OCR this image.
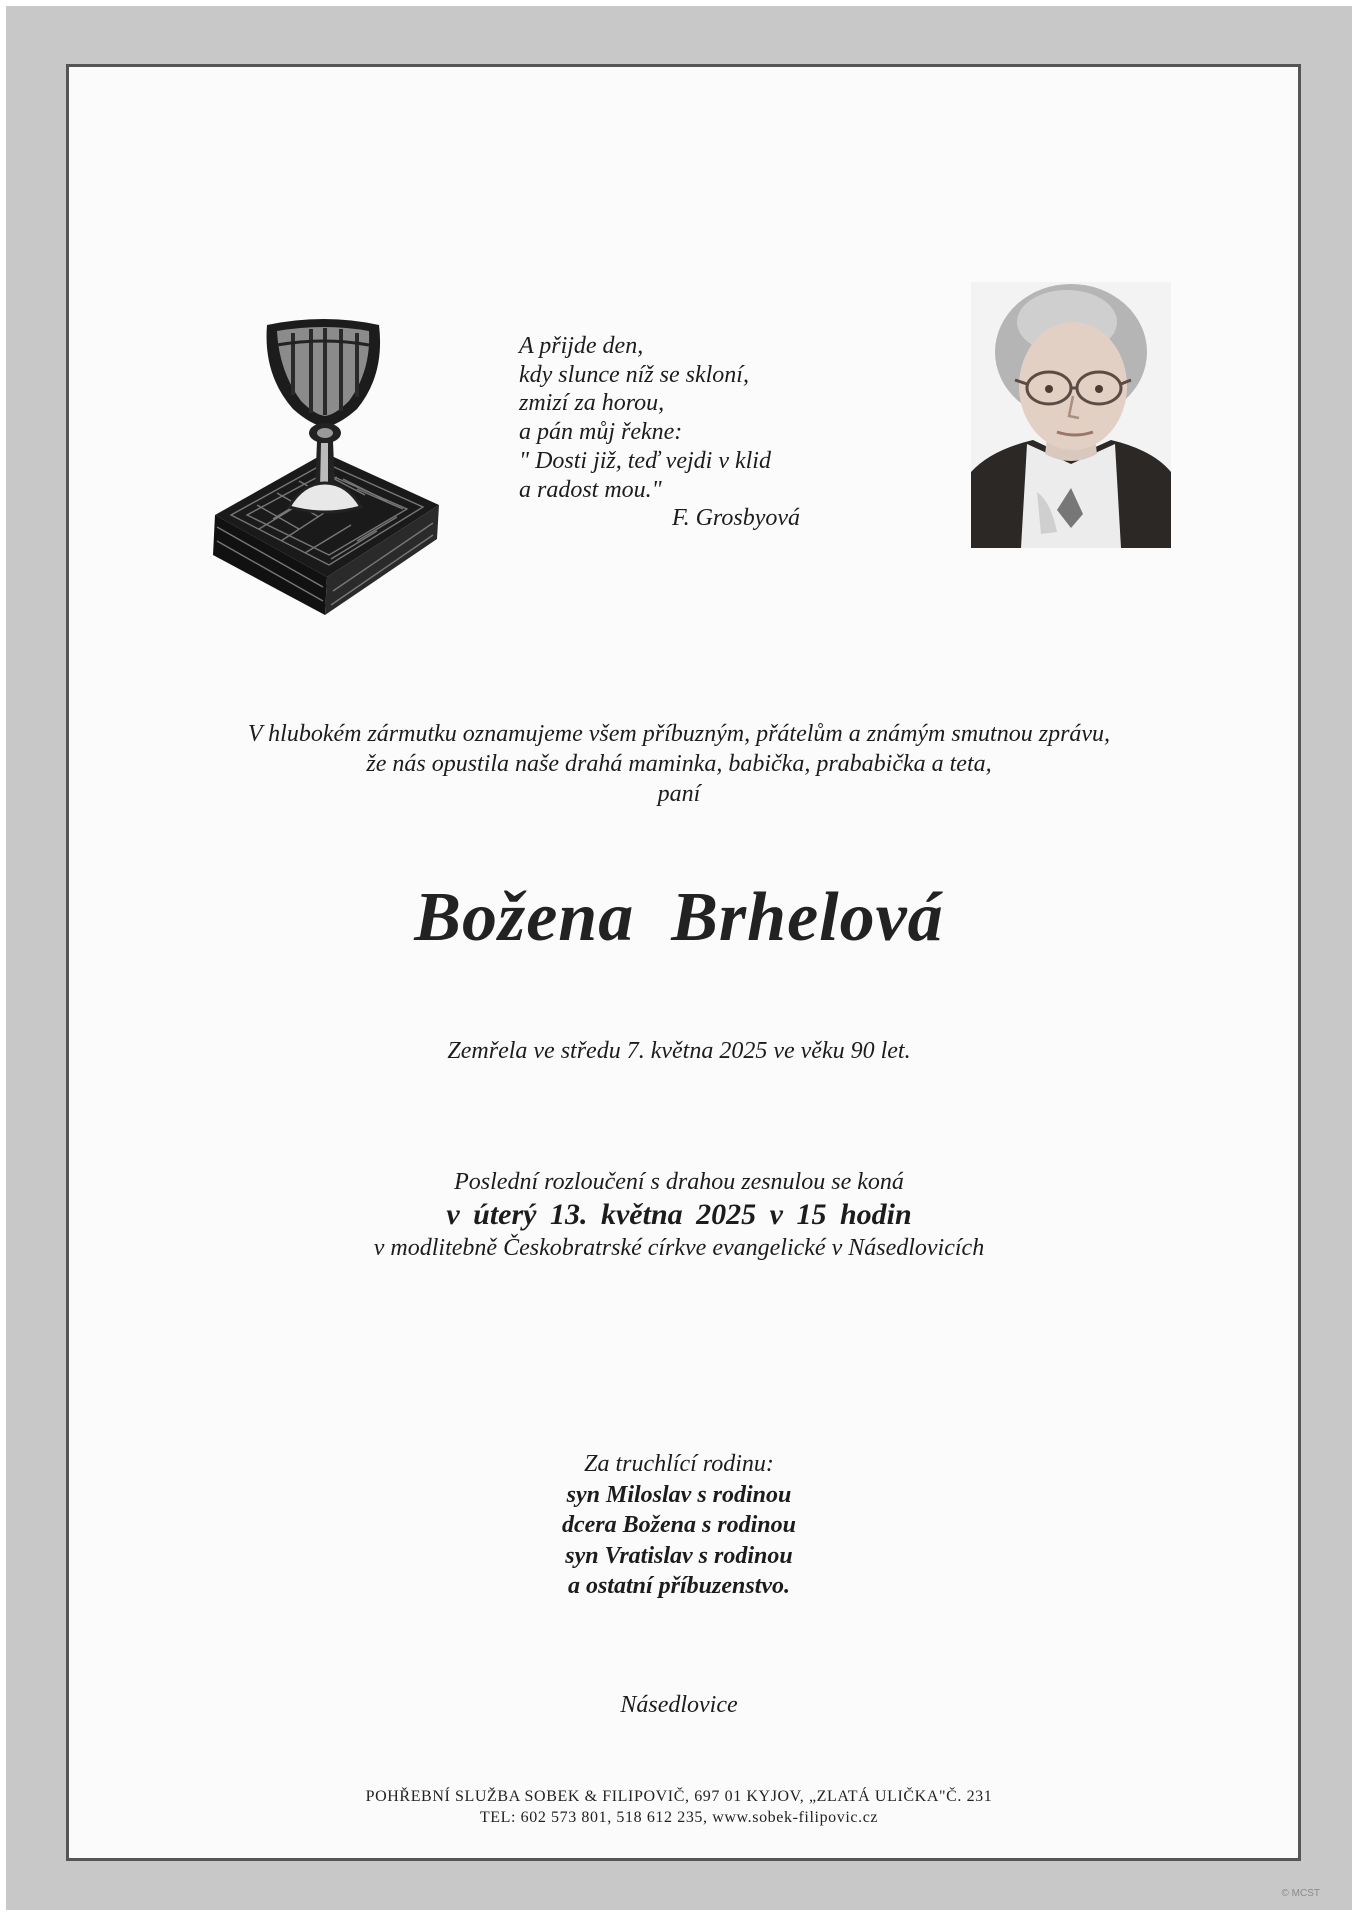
A přijde den,
kdy slunce níž se skloní,
zmizí za horou,
a pán můj řekne:
" Dosti již, teď vejdi v klid
a radost mou."
F. Grosbyová
V hlubokém zármutku oznamujeme všem příbuzným, přátelům a známým smutnou zprávu,
že nás opustila naše drahá maminka, babička, prababička a teta,
paní
Božena  Brhelová
Zemřela ve středu 7. května 2025 ve věku 90 let.
Poslední rozloučení s drahou zesnulou se koná
v úterý 13. května 2025 v 15 hodin
v modlitebně Českobratrské církve evangelické v Násedlovicích
Za truchlící rodinu:
syn Miloslav s rodinou
dcera Božena s rodinou
syn Vratislav s rodinou
a ostatní příbuzenstvo.
Násedlovice
POHŘEBNÍ SLUŽBA SOBEK & FILIPOVIČ, 697 01 KYJOV, „ZLATÁ ULIČKA"Č. 231
TEL: 602 573 801, 518 612 235, www.sobek-filipovic.cz
© MCST
